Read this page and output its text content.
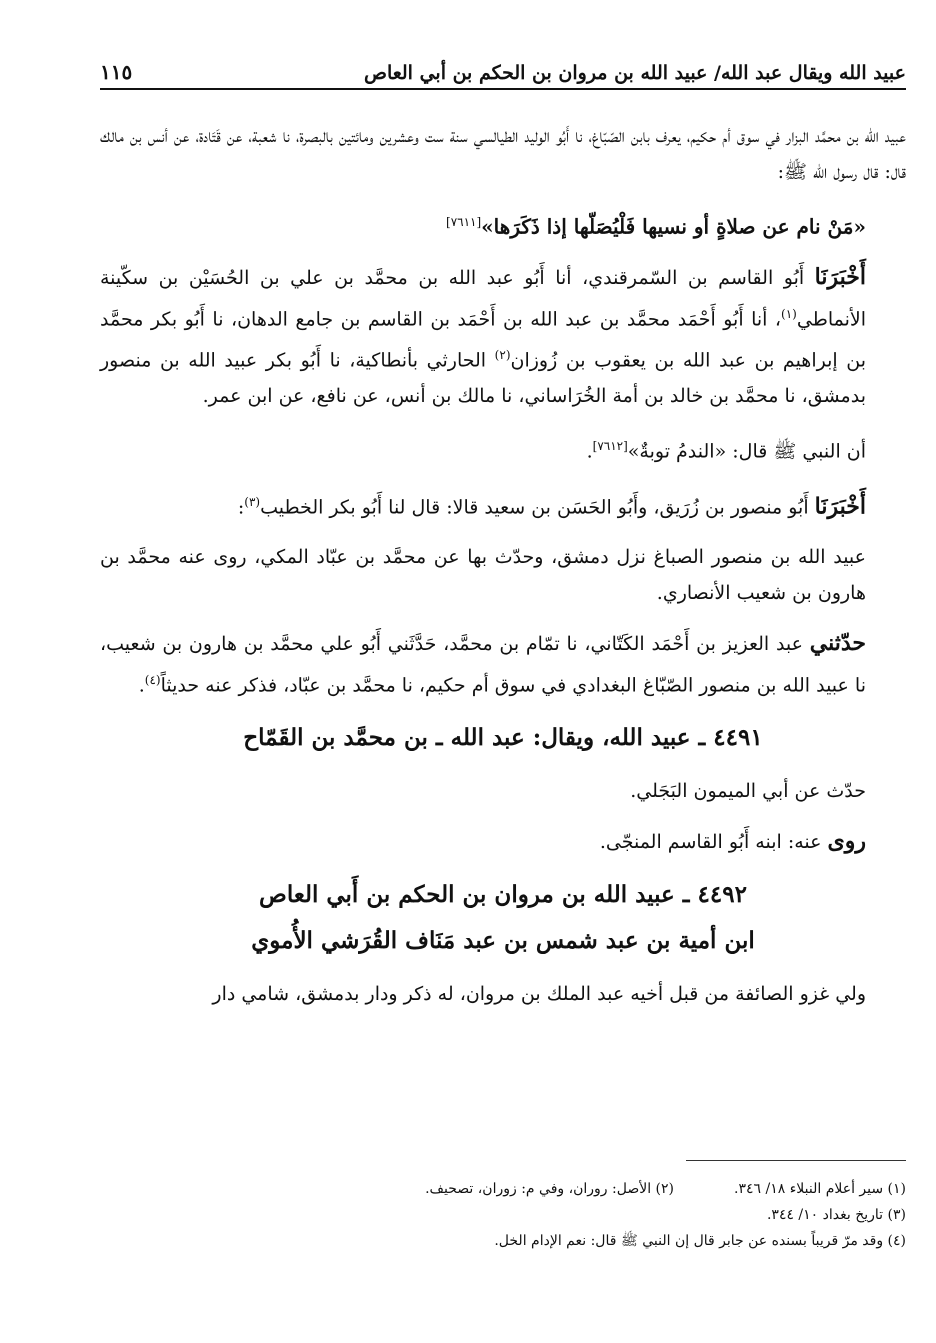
عبيد الله ويقال عبد الله/ عبيد الله بن مروان بن الحكم بن أبي العاص
١١٥

عبيد الله بن محمَّد البزار في سوق أم حكيم، يعرف بابن الصّبّاغ، نا أَبُو الوليد الطيالسي سنة ست وعشرين ومائتين بالبصرة، نا شعبة، عن قَتَادة، عن أنس بن مالك قال: قال رسول الله ﷺ:

«مَنْ نام عن صلاةٍ أو نسيها فَلْيُصَلّها إذا ذَكَرَها»[٧٦١١]

أَخْبَرَنَا أَبُو القاسم بن السّمرقندي، أنا أَبُو عبد الله بن محمَّد بن علي بن الحُسَيْن بن سكّينة الأنماطي$^{(١)}$، أنا أَبُو أَحْمَد محمَّد بن عبد الله بن أَحْمَد بن القاسم بن جامع الدهان، نا أَبُو بكر محمَّد بن إبراهيم بن عبد الله بن يعقوب بن زُوزان$^{(٢)}$ الحارثي بأنطاكية، نا أَبُو بكر عبيد الله بن منصور بدمشق، نا محمَّد بن خالد بن أمة الخُرَاساني، نا مالك بن أنس، عن نافع، عن ابن عمر.

أن النبي ﷺ قال: «الندمُ توبةٌ»[٧٦١٢].

أَخْبَرَنَا أَبُو منصور بن زُرَيق، وأَبُو الحَسَن بن سعيد قالا: قال لنا أَبُو بكر الخطيب$^{(٣)}$:

عبيد الله بن منصور الصباغ نزل دمشق، وحدّث بها عن محمَّد بن عبّاد المكي، روى عنه محمَّد بن هارون بن شعيب الأنصاري.

حدّثني عبد العزيز بن أَحْمَد الكَتّاني، نا تمّام بن محمَّد، حَدَّثَني أَبُو علي محمَّد بن هارون بن شعيب، نا عبيد الله بن منصور الصّبّاغ البغدادي في سوق أم حكيم، نا محمَّد بن عبّاد، فذكر عنه حديثاً$^{(٤)}$.

٤٤٩١ ـ عبيد الله، ويقال: عبد الله ـ بن محمَّد بن القَمّاح

حدّث عن أبي الميمون البَجَلي.

روى عنه: ابنه أَبُو القاسم المنجّى.

٤٤٩٢ ـ عبيد الله بن مروان بن الحكم بن أَبي العاص

ابن أمية بن عبد شمس بن عبد مَنَاف القُرَشي الأُموي

ولي غزو الصائفة من قبل أخيه عبد الملك بن مروان، له ذكر ودار بدمشق، شامي دار

(١) سير أعلام النبلاء ١٨/ ٣٤٦.
(٢) الأصل: روران، وفي م: زوران، تصحيف.
(٣) تاريخ بغداد ١٠/ ٣٤٤.
(٤) وقد مرّ قريباً بسنده عن جابر قال إن النبي ﷺ قال: نعم الإدام الخل.
